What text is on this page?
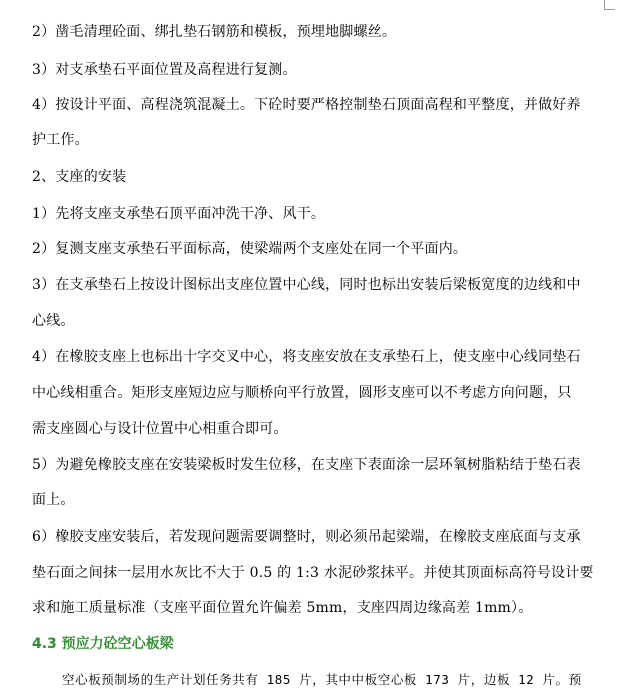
2）凿毛清理砼面、绑扎垫石钢筋和模板，预埋地脚螺丝。
3）对支承垫石平面位置及高程进行复测。
4）按设计平面、高程浇筑混凝土。下砼时要严格控制垫石顶面高程和平整度，并做好养
护工作。
2、支座的安装
1）先将支座支承垫石顶平面冲洗干净、风干。
2）复测支座支承垫石平面标高，使梁端两个支座处在同一个平面内。
3）在支承垫石上按设计图标出支座位置中心线，同时也标出安装后梁板宽度的边线和中
心线。
4）在橡胶支座上也标出十字交叉中心，将支座安放在支承垫石上，使支座中心线同垫石
中心线相重合。矩形支座短边应与顺桥向平行放置，圆形支座可以不考虑方向问题，只
需支座圆心与设计位置中心相重合即可。
5）为避免橡胶支座在安装梁板时发生位移，在支座下表面涂一层环氧树脂粘结于垫石表
面上。
6）橡胶支座安装后，若发现问题需要调整时，则必须吊起梁端，在橡胶支座底面与支承
垫石面之间抹一层用水灰比不大于 0.5 的 1:3 水泥砂浆抹平。并使其顶面标高符号设计要
求和施工质量标准（支座平面位置允许偏差 5mm，支座四周边缘高差 1mm）。
4.3 预应力砼空心板梁
空心板预制场的生产计划任务共有 185 片，其中中板空心板 173 片，边板 12 片。预
